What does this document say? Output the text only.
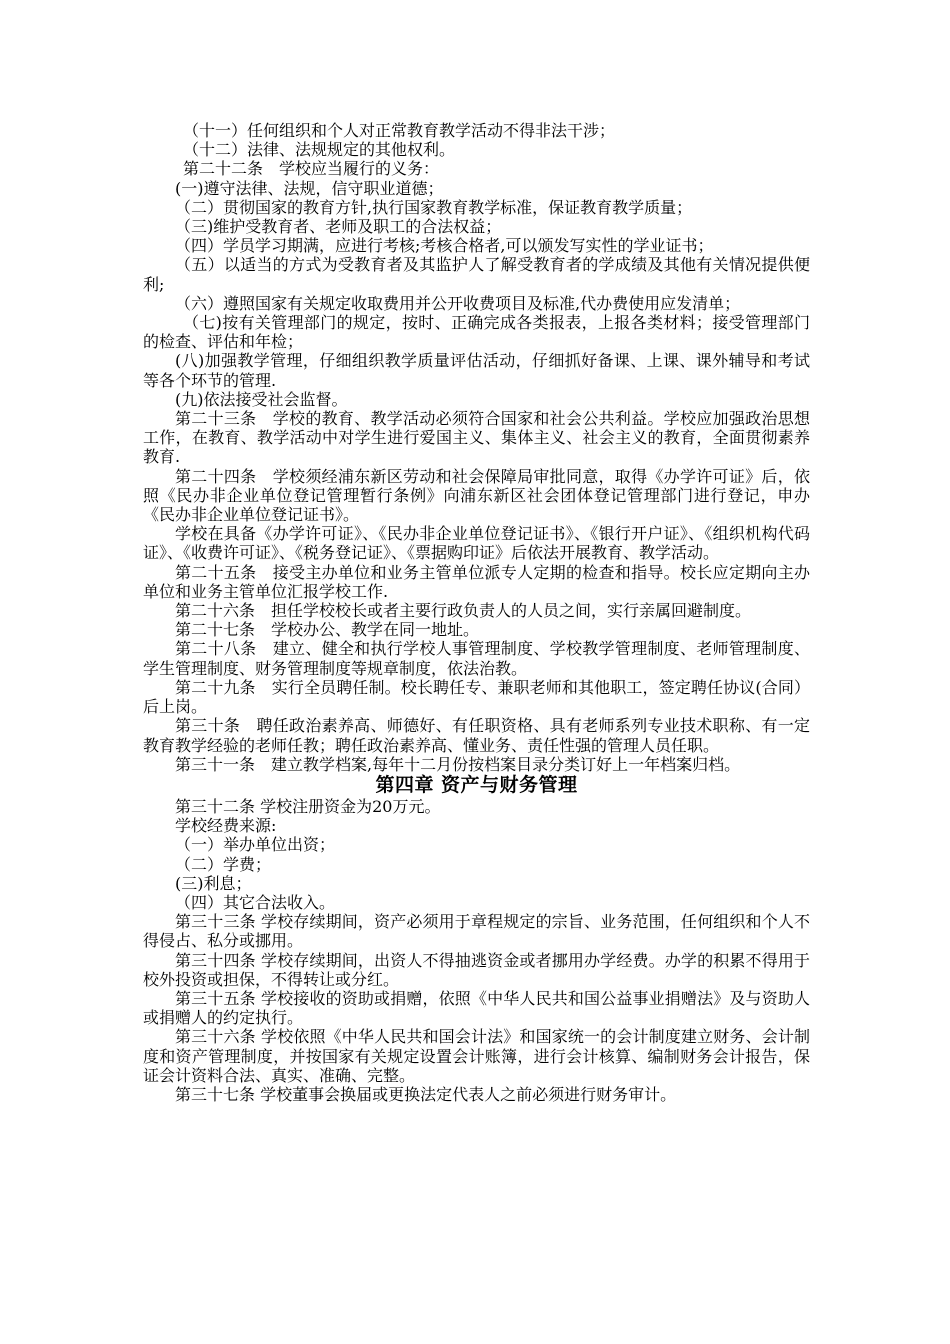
（十一）任何组织和个人对正常教育教学活动不得非法干涉；

（十二）法律、法规规定的其他权利。

第二十二条　学校应当履行的义务：

(一)遵守法律、法规，信守职业道德；

（二）贯彻国家的教育方针,执行国家教育教学标准，保证教育教学质量；

（三)维护受教育者、老师及职工的合法权益；

（四）学员学习期满，应进行考核;考核合格者,可以颁发写实性的学业证书；

（五）以适当的方式为受教育者及其监护人了解受教育者的学成绩及其他有关情况提供便利;

（六）遵照国家有关规定收取费用并公开收费项目及标准,代办费使用应发清单；

（七)按有关管理部门的规定，按时、正确完成各类报表，上报各类材料；接受管理部门的检查、评估和年检；

(八)加强教学管理，仔细组织教学质量评估活动，仔细抓好备课、上课、课外辅导和考试等各个环节的管理.

(九)依法接受社会监督。

第二十三条　学校的教育、教学活动必须符合国家和社会公共利益。学校应加强政治思想工作，在教育、教学活动中对学生进行爱国主义、集体主义、社会主义的教育，全面贯彻素养教育.

第二十四条　学校须经浦东新区劳动和社会保障局审批同意，取得《办学许可证》后，依照《民办非企业单位登记管理暂行条例》向浦东新区社会团体登记管理部门进行登记，申办《民办非企业单位登记证书》。

学校在具备《办学许可证》、《民办非企业单位登记证书》、《银行开户证》、《组织机构代码证》、《收费许可证》、《税务登记证》、《票据购印证》后依法开展教育、教学活动。

第二十五条　接受主办单位和业务主管单位派专人定期的检查和指导。校长应定期向主办单位和业务主管单位汇报学校工作.

第二十六条　担任学校校长或者主要行政负责人的人员之间，实行亲属回避制度。

第二十七条　学校办公、教学在同一地址。

第二十八条　建立、健全和执行学校人事管理制度、学校教学管理制度、老师管理制度、学生管理制度、财务管理制度等规章制度，依法治教。

第二十九条　实行全员聘任制。校长聘任专、兼职老师和其他职工，签定聘任协议(合同）后上岗。

第三十条　聘任政治素养高、师德好、有任职资格、具有老师系列专业技术职称、有一定教育教学经验的老师任教；聘任政治素养高、懂业务、责任性强的管理人员任职。

第三十一条　建立教学档案,每年十二月份按档案目录分类订好上一年档案归档。

第四章 资产与财务管理

第三十二条 学校注册资金为20万元。

学校经费来源:

（一）举办单位出资；

（二）学费；

(三)利息；

（四）其它合法收入。

第三十三条 学校存续期间，资产必须用于章程规定的宗旨、业务范围，任何组织和个人不得侵占、私分或挪用。

第三十四条 学校存续期间，出资人不得抽逃资金或者挪用办学经费。办学的积累不得用于校外投资或担保，不得转让或分红。

第三十五条 学校接收的资助或捐赠，依照《中华人民共和国公益事业捐赠法》及与资助人或捐赠人的约定执行。

第三十六条 学校依照《中华人民共和国会计法》和国家统一的会计制度建立财务、会计制度和资产管理制度，并按国家有关规定设置会计账簿，进行会计核算、编制财务会计报告，保证会计资料合法、真实、准确、完整。

第三十七条 学校董事会换届或更换法定代表人之前必须进行财务审计。
